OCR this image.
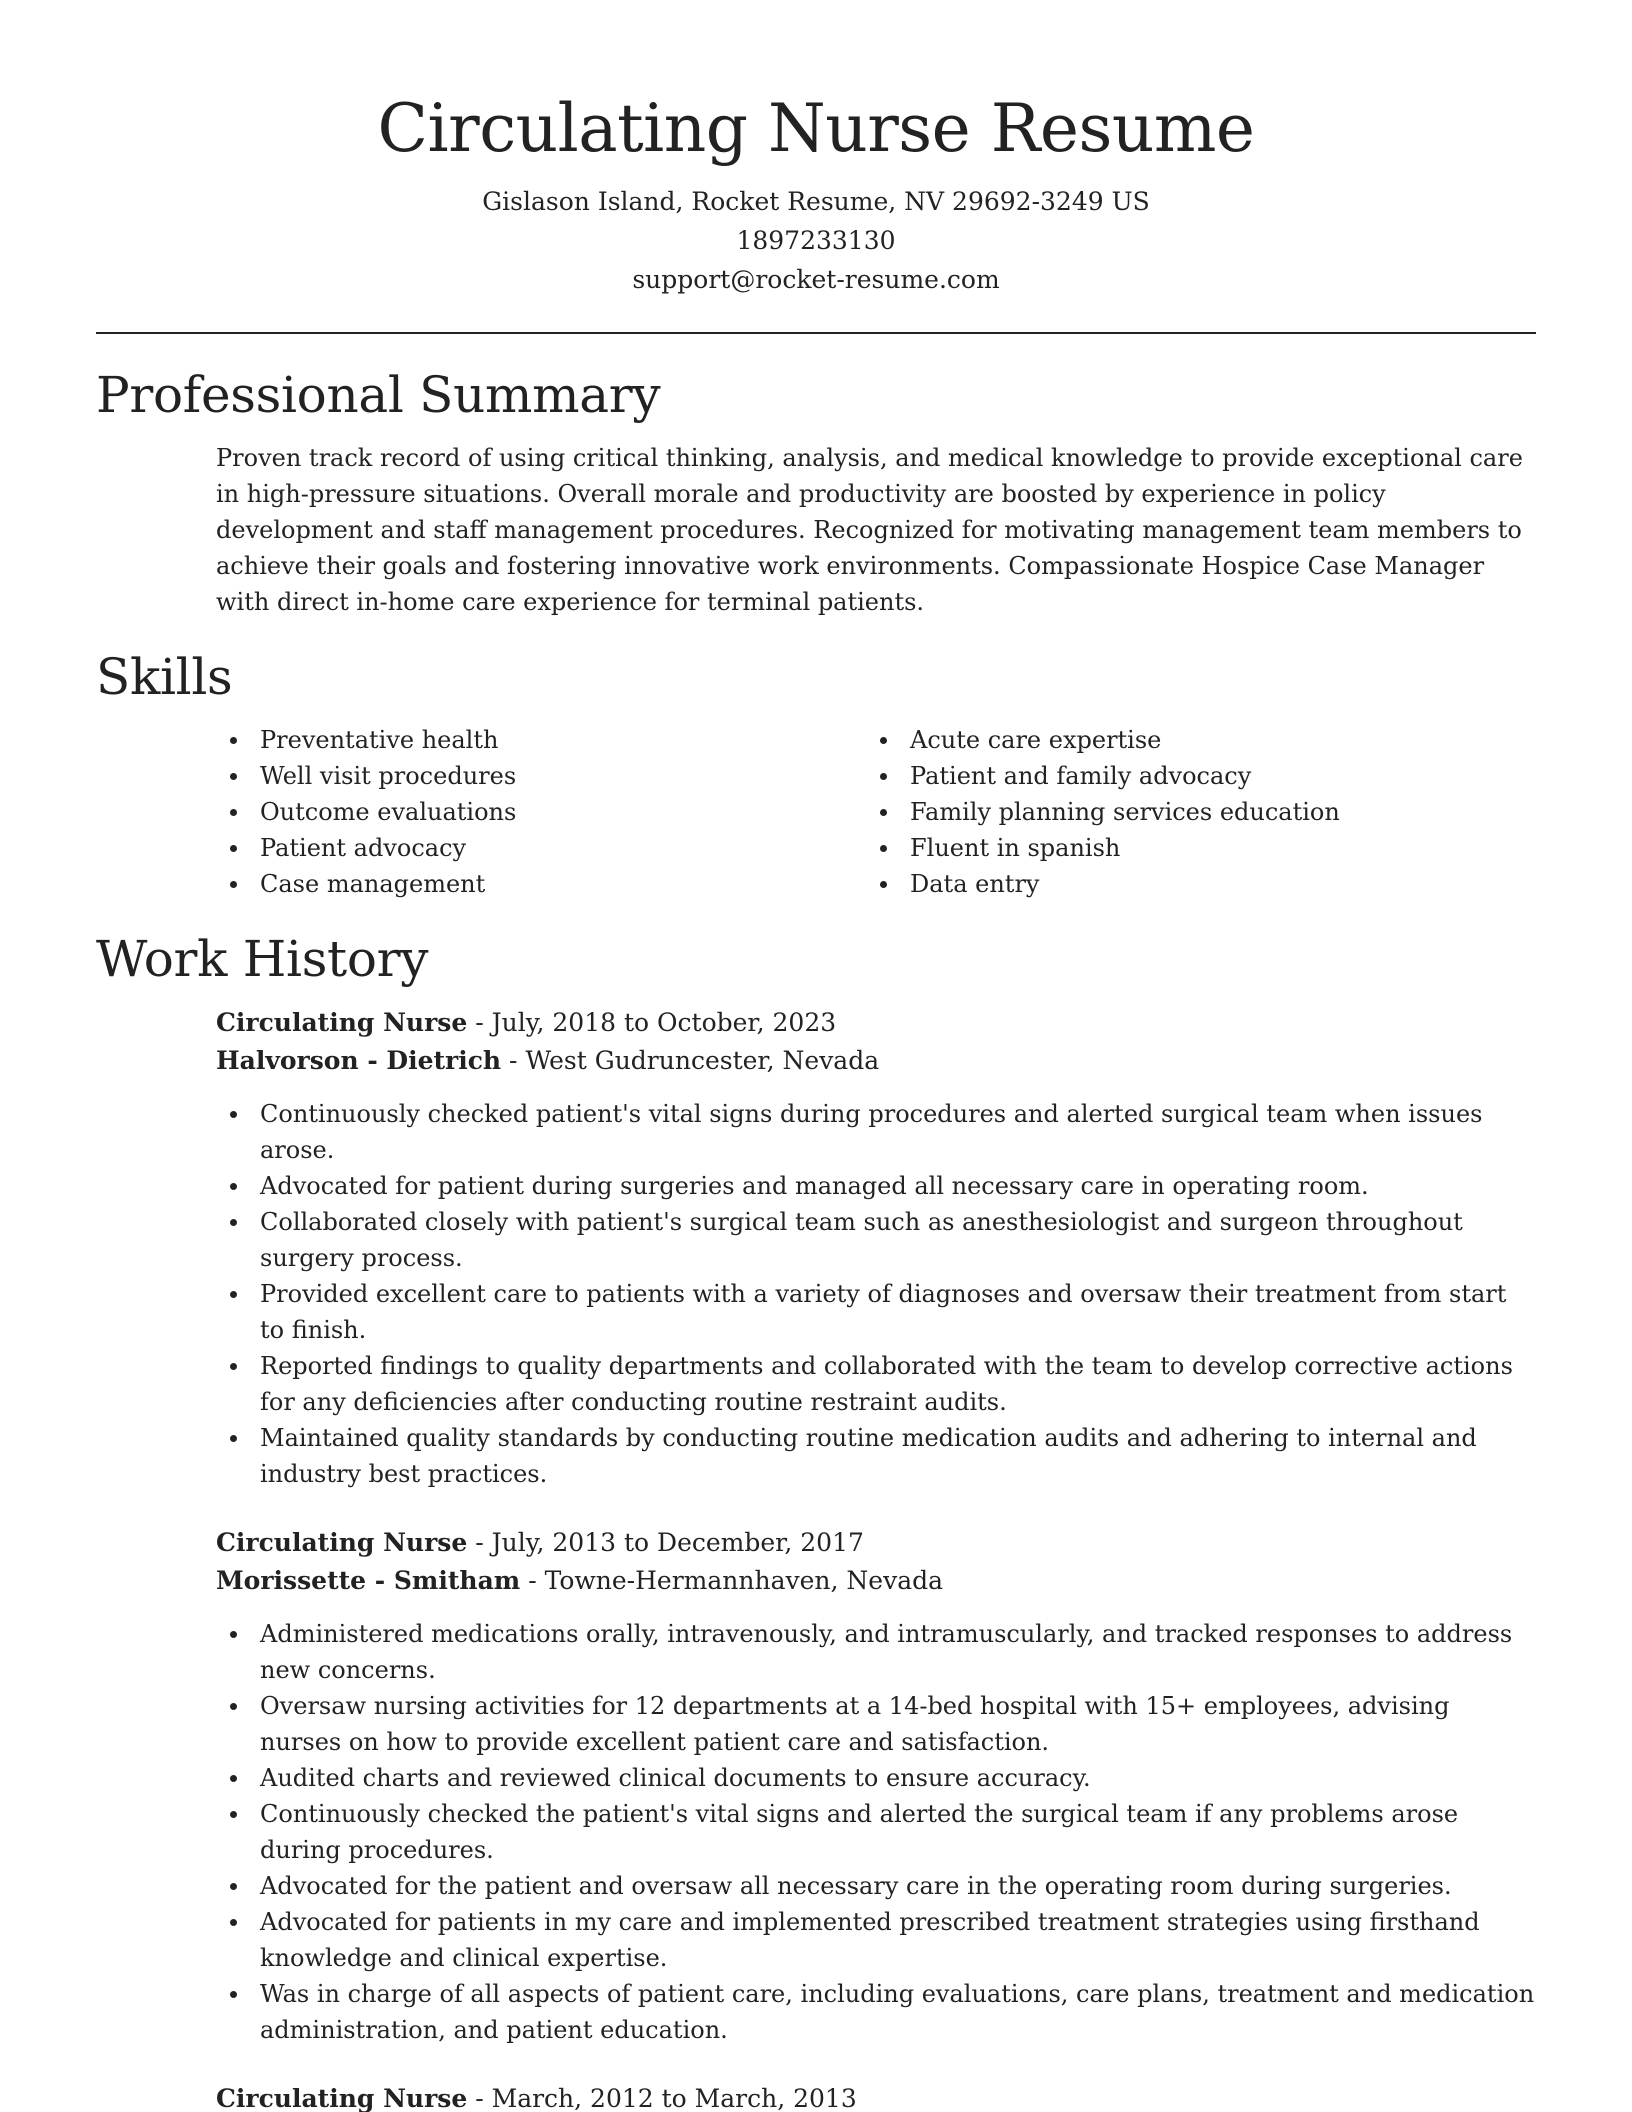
Circulating Nurse Resume
Gislason Island, Rocket Resume, NV 29692-3249 US
1897233130
support@rocket-resume.com
Professional Summary

Proven track record of using critical thinking, analysis, and medical knowledge to provide exceptional care in high-pressure situations. Overall morale and productivity are boosted by experience in policy development and staff management procedures. Recognized for motivating management team members to achieve their goals and fostering innovative work environments. Compassionate Hospice Case Manager with direct in-home care experience for terminal patients.

Skills
Preventative health
Well visit procedures
Outcome evaluations
Patient advocacy
Case management
Acute care expertise
Patient and family advocacy
Family planning services education
Fluent in spanish
Data entry
Work History
Circulating Nurse - July, 2018 to October, 2023
Halvorson - Dietrich - West Gudruncester, Nevada
Continuously checked patient's vital signs during procedures and alerted surgical team when issues arose.
Advocated for patient during surgeries and managed all necessary care in operating room.
Collaborated closely with patient's surgical team such as anesthesiologist and surgeon throughout surgery process.
Provided excellent care to patients with a variety of diagnoses and oversaw their treatment from start to finish.
Reported findings to quality departments and collaborated with the team to develop corrective actions for any deficiencies after conducting routine restraint audits.
Maintained quality standards by conducting routine medication audits and adhering to internal and industry best practices.
Circulating Nurse - July, 2013 to December, 2017
Morissette - Smitham - Towne-Hermannhaven, Nevada
Administered medications orally, intravenously, and intramuscularly, and tracked responses to address new concerns.
Oversaw nursing activities for 12 departments at a 14-bed hospital with 15+ employees, advising nurses on how to provide excellent patient care and satisfaction.
Audited charts and reviewed clinical documents to ensure accuracy.
Continuously checked the patient's vital signs and alerted the surgical team if any problems arose during procedures.
Advocated for the patient and oversaw all necessary care in the operating room during surgeries.
Advocated for patients in my care and implemented prescribed treatment strategies using firsthand knowledge and clinical expertise.
Was in charge of all aspects of patient care, including evaluations, care plans, treatment and medication administration, and patient education.
Circulating Nurse - March, 2012 to March, 2013
